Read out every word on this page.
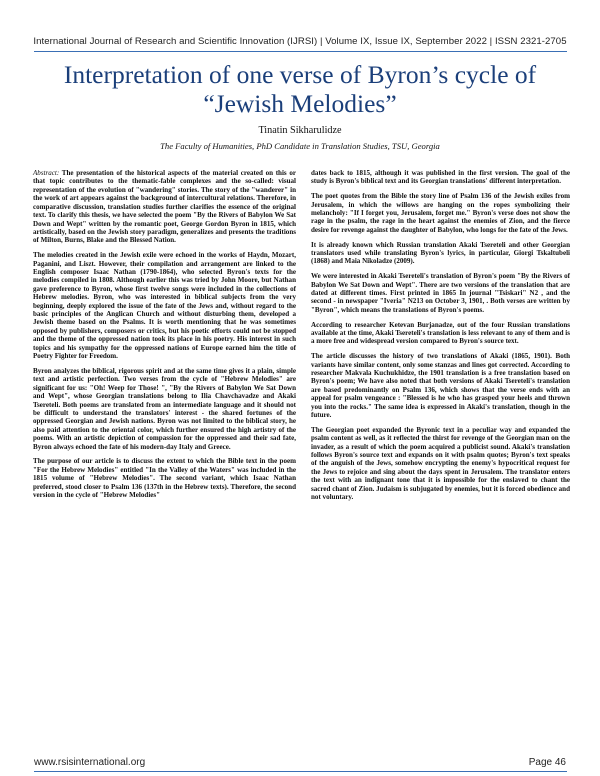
International Journal of Research and Scientific Innovation (IJRSI) | Volume IX, Issue IX, September 2022 | ISSN 2321-2705
Interpretation of one verse of Byron’s cycle of
“Jewish Melodies”
Tinatin Sikharulidze
The Faculty of Humanities, PhD Candidate in Translation Studies, TSU, Georgia

Abstract: The presentation of the historical aspects of the material created on this or that topic contributes to the thematic-fable complexes and the so-called: visual representation of the evolution of "wandering" stories. The story of the "wanderer" in the work of art appears against the background of intercultural relations. Therefore, in comparative discussion, translation studies further clarifies the essence of the original text. To clarify this thesis, we have selected the poem "By the Rivers of Babylon We Sat Down and Wept" written by the romantic poet, George Gordon Byron in 1815, which artistically, based on the Jewish story paradigm, generalizes and presents the traditions of Milton, Burns, Blake and the Blessed Nation.

The melodies created in the Jewish exile were echoed in the works of Haydn, Mozart, Paganini, and Liszt. However, their compilation and arrangement are linked to the English composer Isaac Nathan (1790-1864), who selected Byron's texts for the melodies compiled in 1808. Although earlier this was tried by John Moore, but Nathan gave preference to Byron, whose first twelve songs were included in the collections of Hebrew melodies. Byron, who was interested in biblical subjects from the very beginning, deeply explored the issue of the fate of the Jews and, without regard to the basic principles of the Anglican Church and without disturbing them, developed a Jewish theme based on the Psalms. It is worth mentioning that he was sometimes opposed by publishers, composers or critics, but his poetic efforts could not be stopped and the theme of the oppressed nation took its place in his poetry. His interest in such topics and his sympathy for the oppressed nations of Europe earned him the title of Poetry Fighter for Freedom.

Byron analyzes the biblical, rigorous spirit and at the same time gives it a plain, simple text and artistic perfection. Two verses from the cycle of "Hebrew Melodies" are significant for us: "Oh! Weep for Those! ", "By the Rivers of Babylon We Sat Down and Wept", whose Georgian translations belong to Ilia Chavchavadze and Akaki Tsereteli. Both poems are translated from an intermediate language and it should not be difficult to understand the translators' interest - the shared fortunes of the oppressed Georgian and Jewish nations. Byron was not limited to the biblical story, he also paid attention to the oriental color, which further ensured the high artistry of the poems. With an artistic depiction of compassion for the oppressed and their sad fate, Byron always echoed the fate of his modern-day Italy and Greece.

The purpose of our article is to discuss the extent to which the Bible text in the poem "For the Hebrew Melodies" entitled "In the Valley of the Waters" was included in the 1815 volume of "Hebrew Melodies". The second variant, which Isaac Nathan preferred, stood closer to Psalm 136 (137th in the Hebrew texts). Therefore, the second version in the cycle of "Hebrew Melodies"

dates back to 1815, although it was published in the first version. The goal of the study is Byron's biblical text and its Georgian translations' different interpretation.

The poet quotes from the Bible the story line of Psalm 136 of the Jewish exiles from Jerusalem, in which the willows are hanging on the ropes symbolizing their melancholy: "If I forget you, Jerusalem, forget me." Byron's verse does not show the rage in the psalm, the rage in the heart against the enemies of Zion, and the fierce desire for revenge against the daughter of Babylon, who longs for the fate of the Jews.

It is already known which Russian translation Akaki Tsereteli and other Georgian translators used while translating Byron's lyrics, in particular, Giorgi Tskaltubeli (1868) and Maia Nikoladze (2009).

We were interested in Akaki Tsereteli's translation of Byron's poem "By the Rivers of Babylon We Sat Down and Wept". There are two versions of the translation that are dated at different times. First printed in 1865 In journal "Tsiskari" N2 , and the second - in newspaper "Iveria" N213 on October 3, 1901, . Both verses are written by "Byron", which means the translations of Byron's poems.

According to researcher Ketevan Burjanadze, out of the four Russian translations available at the time, Akaki Tsereteli's translation is less relevant to any of them and is a more free and widespread version compared to Byron's source text.

The article discusses the history of two translations of Akaki (1865, 1901). Both variants have similar content, only some stanzas and lines got corrected. According to researcher Makvala Kuchukhidze, the 1901 translation is a free translation based on Byron's poem; We have also noted that both versions of Akaki Tsereteli's translation are based predominantly on Psalm 136, which shows that the verse ends with an appeal for psalm vengeance : "Blessed is he who has grasped your heels and thrown you into the rocks." The same idea is expressed in Akaki's translation, though in the future.

The Georgian poet expanded the Byronic text in a peculiar way and expanded the psalm content as well, as it reflected the thirst for revenge of the Georgian man on the invader, as a result of which the poem acquired a publicist sound. Akaki's translation follows Byron's source text and expands on it with psalm quotes; Byron's text speaks of the anguish of the Jews, somehow encrypting the enemy's hypocritical request for the Jews to rejoice and sing about the days spent in Jerusalem. The translator enters the text with an indignant tone that it is impossible for the enslaved to chant the sacred chant of Zion. Judaism is subjugated by enemies, but it is forced obedience and not voluntary.

www.rsisinternational.org	Page 46
